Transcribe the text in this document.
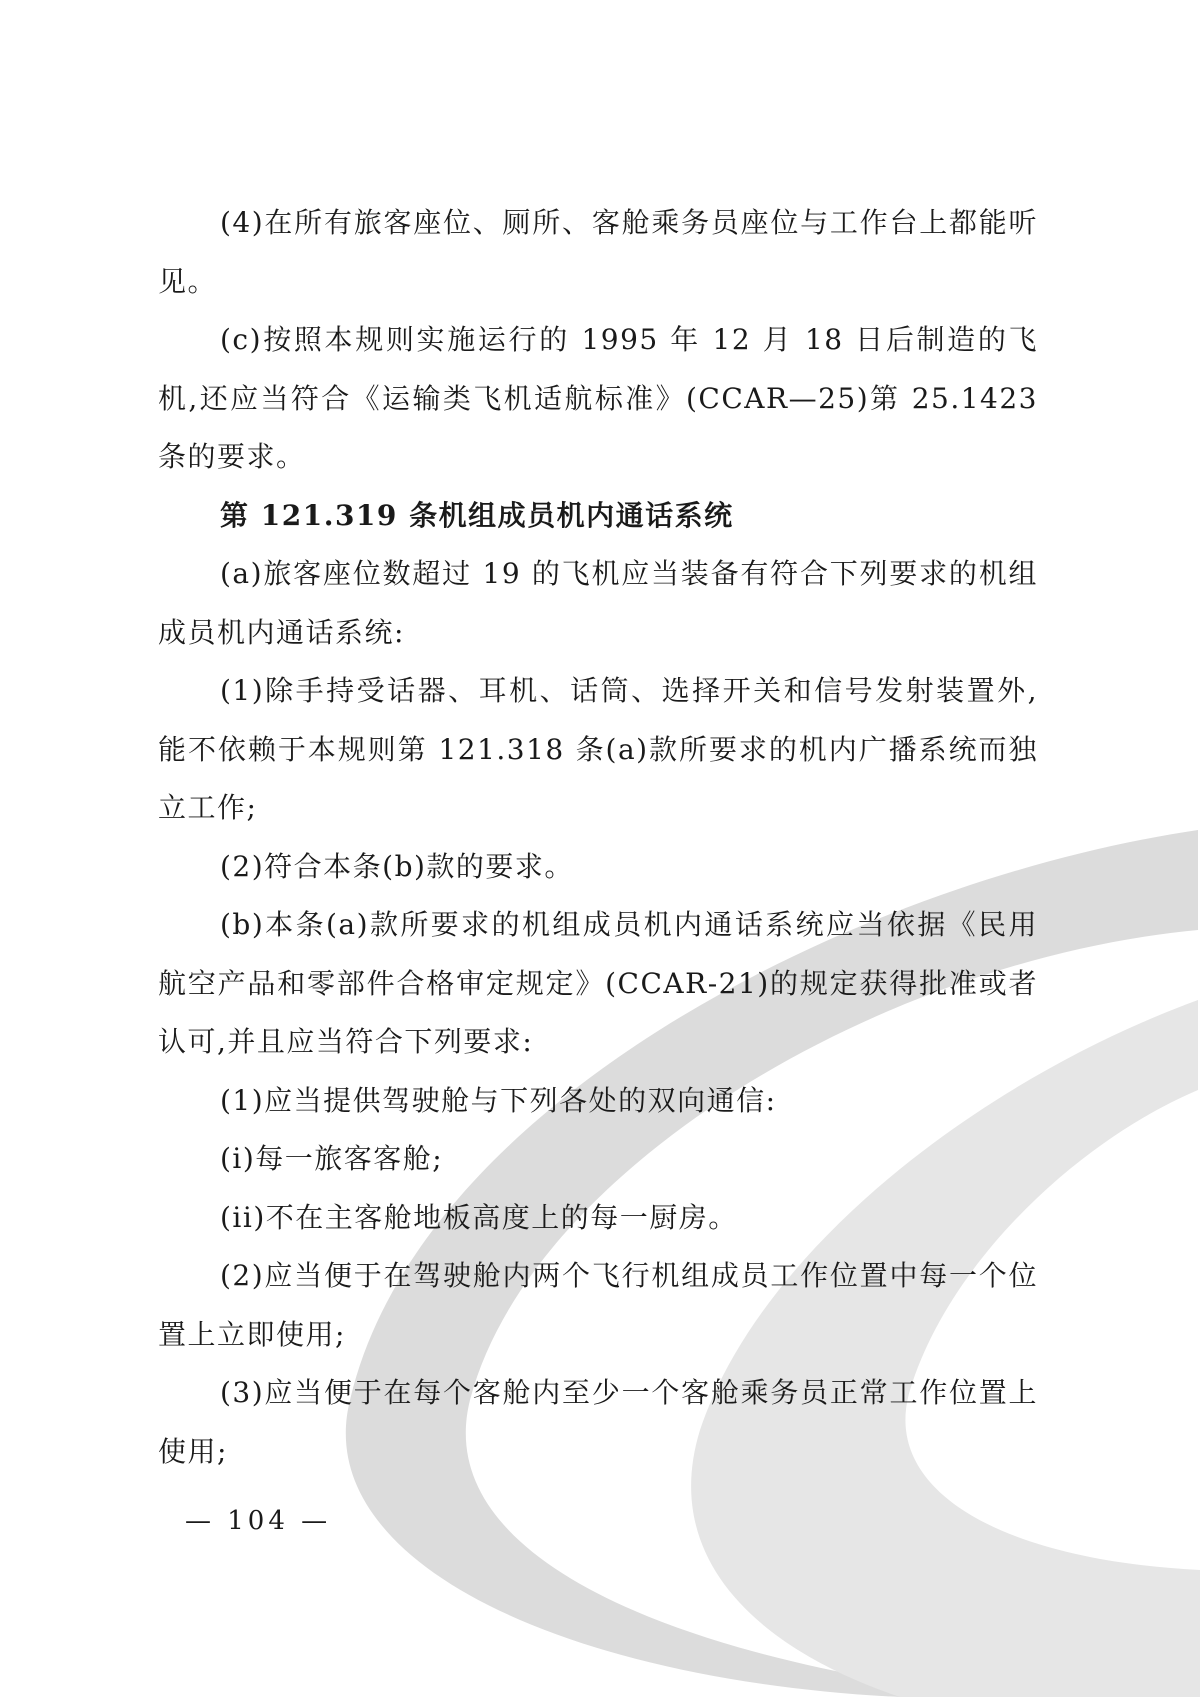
(4)在所有旅客座位、厕所、客舱乘务员座位与工作台上都能听见。

(c)按照本规则实施运行的 1995 年 12 月 18 日后制造的飞机,还应当符合《运输类飞机适航标准》(CCAR—25)第 25.1423 条的要求。

第 121.319 条机组成员机内通话系统

(a)旅客座位数超过 19 的飞机应当装备有符合下列要求的机组成员机内通话系统:

(1)除手持受话器、耳机、话筒、选择开关和信号发射装置外,能不依赖于本规则第 121.318 条(a)款所要求的机内广播系统而独立工作;

(2)符合本条(b)款的要求。

(b)本条(a)款所要求的机组成员机内通话系统应当依据《民用航空产品和零部件合格审定规定》(CCAR-21)的规定获得批准或者认可,并且应当符合下列要求:

(1)应当提供驾驶舱与下列各处的双向通信:

(i)每一旅客客舱;

(ii)不在主客舱地板高度上的每一厨房。

(2)应当便于在驾驶舱内两个飞行机组成员工作位置中每一个位置上立即使用;

(3)应当便于在每个客舱内至少一个客舱乘务员正常工作位置上使用;

— 104 —
